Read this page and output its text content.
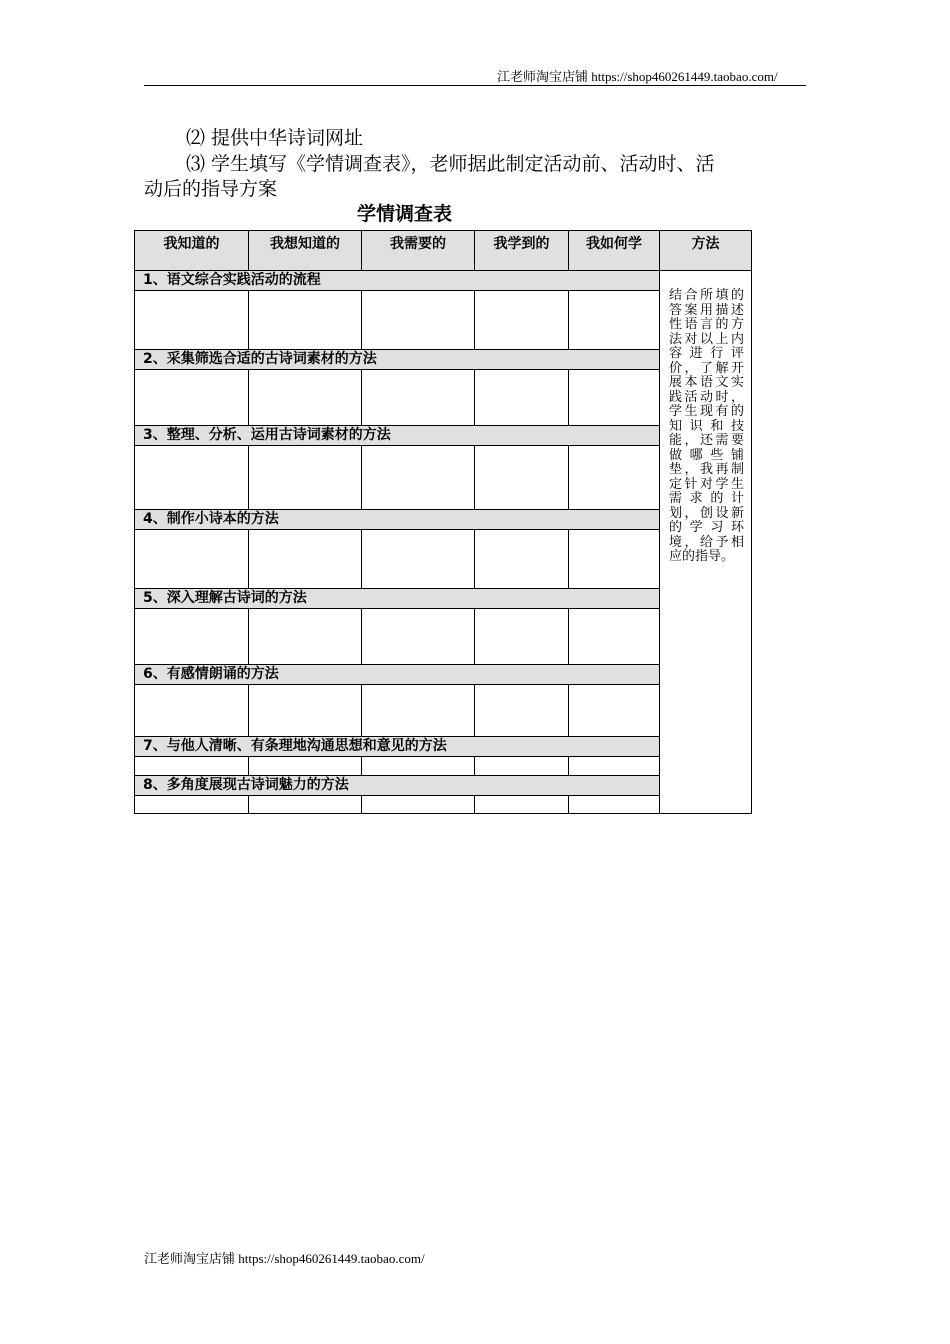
江老师淘宝店铺 https://shop460261449.taobao.com/
⑵ 提供中华诗词网址
⑶ 学生填写《学情调查表》，老师据此制定活动前、活动时、活
动后的指导方案
学情调查表
我知道的	我想知道的	我需要的	我学到的	我如何学	方法
1、语文综合实践活动的流程					结合所填的答案用描述性语言的方法对以上内容进行评价，了解开展本语文实践活动时，学生现有的知识和技能，还需要做哪些铺垫，我再制定针对学生需求的计划，创设新的学习环境，给予相应的指导。

2、采集筛选合适的古诗词素材的方法					

3、整理、分析、运用古诗词素材的方法					

4、制作小诗本的方法					

5、深入理解古诗词的方法					

6、有感情朗诵的方法					

7、与他人清晰、有条理地沟通思想和意见的方法					

8、多角度展现古诗词魅力的方法					

江老师淘宝店铺 https://shop460261449.taobao.com/
